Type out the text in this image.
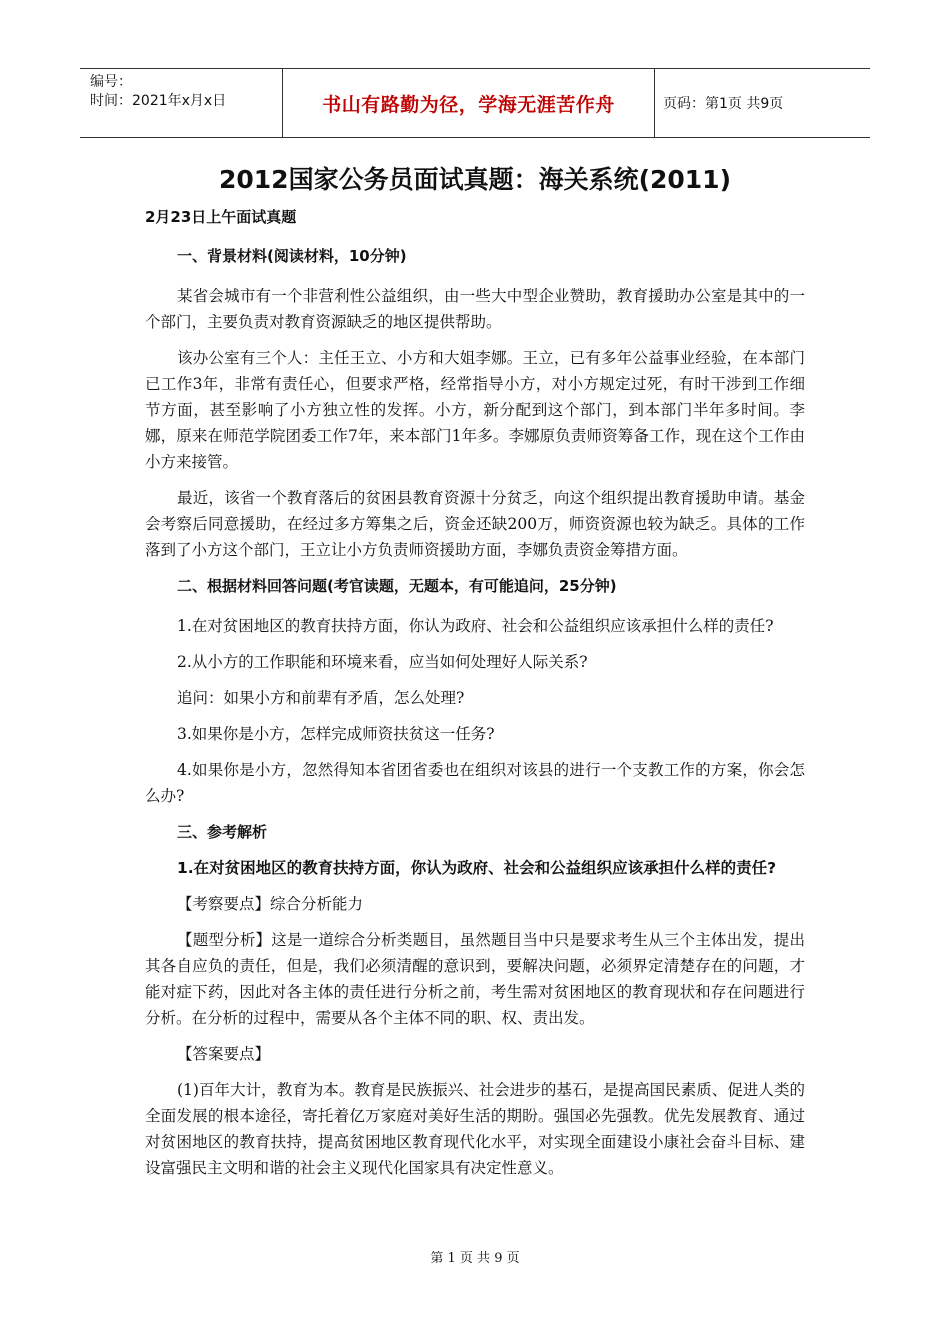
编号：
时间：2021年x月x日	书山有路勤为径，学海无涯苦作舟	页码：第1页 共9页
2012国家公务员面试真题：海关系统(2011)
2月23日上午面试真题
一、背景材料(阅读材料，10分钟)

某省会城市有一个非营利性公益组织，由一些大中型企业赞助，教育援助办公室是其中的一个部门，主要负责对教育资源缺乏的地区提供帮助。

该办公室有三个人：主任王立、小方和大姐李娜。王立，已有多年公益事业经验，在本部门已工作3年，非常有责任心，但要求严格，经常指导小方，对小方规定过死，有时干涉到工作细节方面，甚至影响了小方独立性的发挥。小方，新分配到这个部门，到本部门半年多时间。李娜，原来在师范学院团委工作7年，来本部门1年多。李娜原负责师资筹备工作，现在这个工作由小方来接管。

最近，该省一个教育落后的贫困县教育资源十分贫乏，向这个组织提出教育援助申请。基金会考察后同意援助，在经过多方筹集之后，资金还缺200万，师资资源也较为缺乏。具体的工作落到了小方这个部门，王立让小方负责师资援助方面，李娜负责资金筹措方面。

二、根据材料回答问题(考官读题，无题本，有可能追问，25分钟)

1.在对贫困地区的教育扶持方面，你认为政府、社会和公益组织应该承担什么样的责任?

2.从小方的工作职能和环境来看，应当如何处理好人际关系?

追问：如果小方和前辈有矛盾，怎么处理?

3.如果你是小方，怎样完成师资扶贫这一任务?

4.如果你是小方，忽然得知本省团省委也在组织对该县的进行一个支教工作的方案，你会怎么办?

三、参考解析

1.在对贫困地区的教育扶持方面，你认为政府、社会和公益组织应该承担什么样的责任?

【考察要点】综合分析能力

【题型分析】这是一道综合分析类题目，虽然题目当中只是要求考生从三个主体出发，提出其各自应负的责任，但是，我们必须清醒的意识到，要解决问题，必须界定清楚存在的问题，才能对症下药，因此对各主体的责任进行分析之前，考生需对贫困地区的教育现状和存在问题进行分析。在分析的过程中，需要从各个主体不同的职、权、责出发。

【答案要点】

(1)百年大计，教育为本。教育是民族振兴、社会进步的基石，是提高国民素质、促进人类的全面发展的根本途径，寄托着亿万家庭对美好生活的期盼。强国必先强教。优先发展教育、通过对贫困地区的教育扶持，提高贫困地区教育现代化水平，对实现全面建设小康社会奋斗目标、建设富强民主文明和谐的社会主义现代化国家具有决定性意义。

第 1 页 共 9 页
